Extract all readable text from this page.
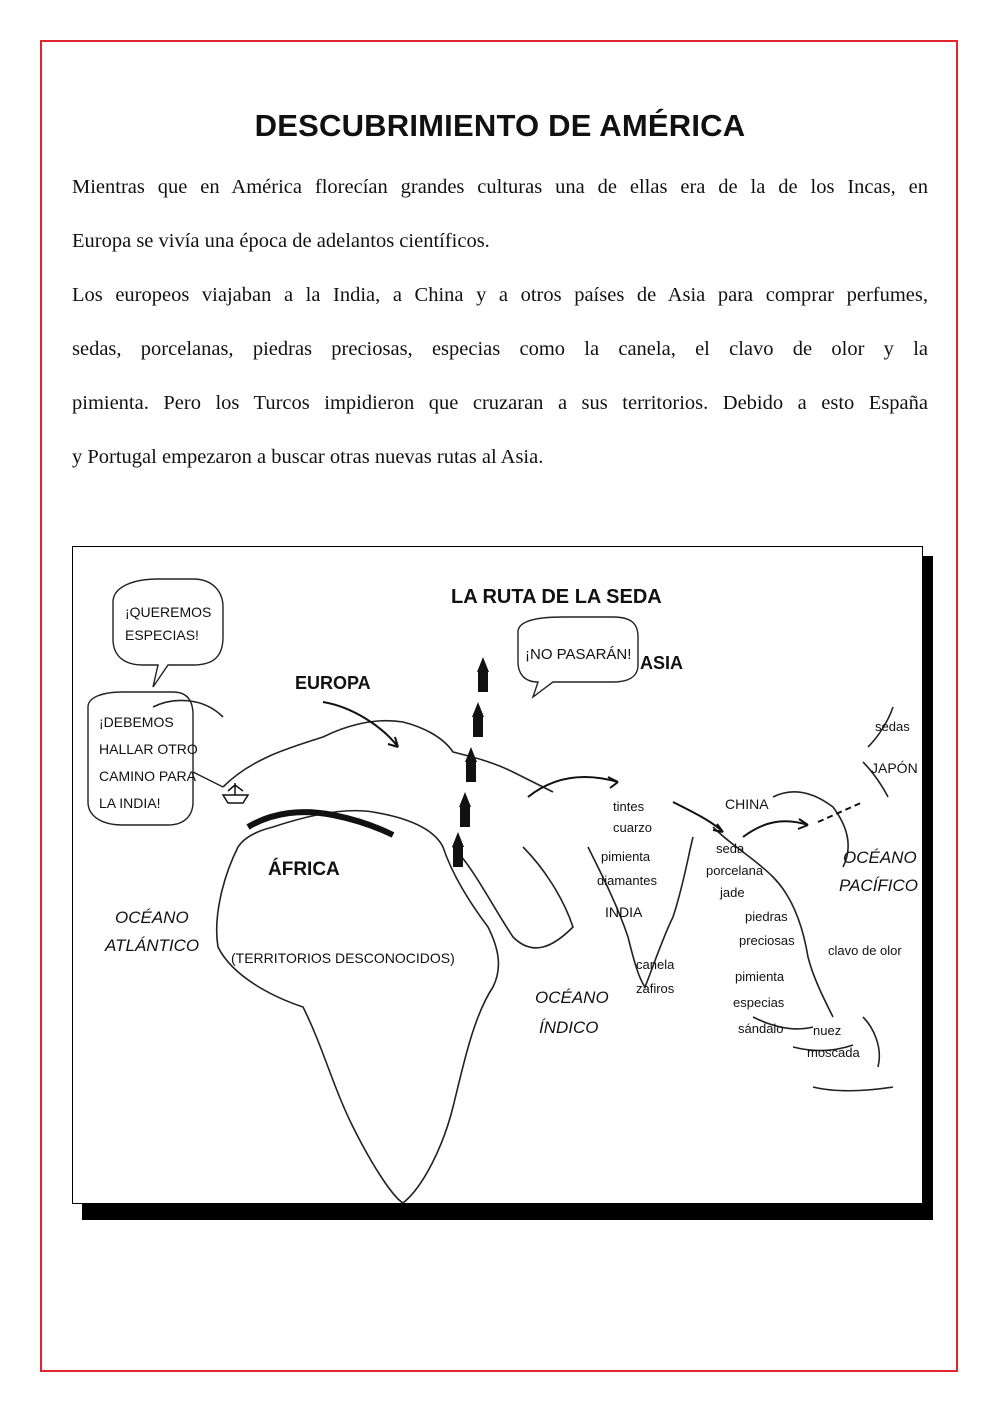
DESCUBRIMIENTO DE AMÉRICA
Mientras que en América florecían grandes culturas una de ellas era de la de los Incas, en
Europa se vivía una época de adelantos científicos.
Los europeos viajaban a la India, a China y a otros países de Asia para comprar perfumes,
sedas, porcelanas, piedras preciosas, especias como la canela, el clavo de olor y la
pimienta. Pero los Turcos impidieron que cruzaran a sus territorios. Debido a esto España
y Portugal empezaron a buscar otras nuevas rutas al Asia.
LA RUTA DE LA SEDA
¡QUEREMOS
ESPECIAS!
¡DEBEMOS
HALLAR OTRO
CAMINO PARA
LA INDIA!
¡NO PASARÁN!
EUROPA
ASIA
ÁFRICA
(TERRITORIOS DESCONOCIDOS)
OCÉANO
ATLÁNTICO
OCÉANO
ÍNDICO
OCÉANO
PACÍFICO
INDIA
CHINA
JAPÓN
tintes
cuarzo
pimienta
diamantes
canela
zafiros
seda
porcelana
jade
piedras
preciosas
pimienta
especias
sándalo nuez
moscada
clavo de olor
sedas
